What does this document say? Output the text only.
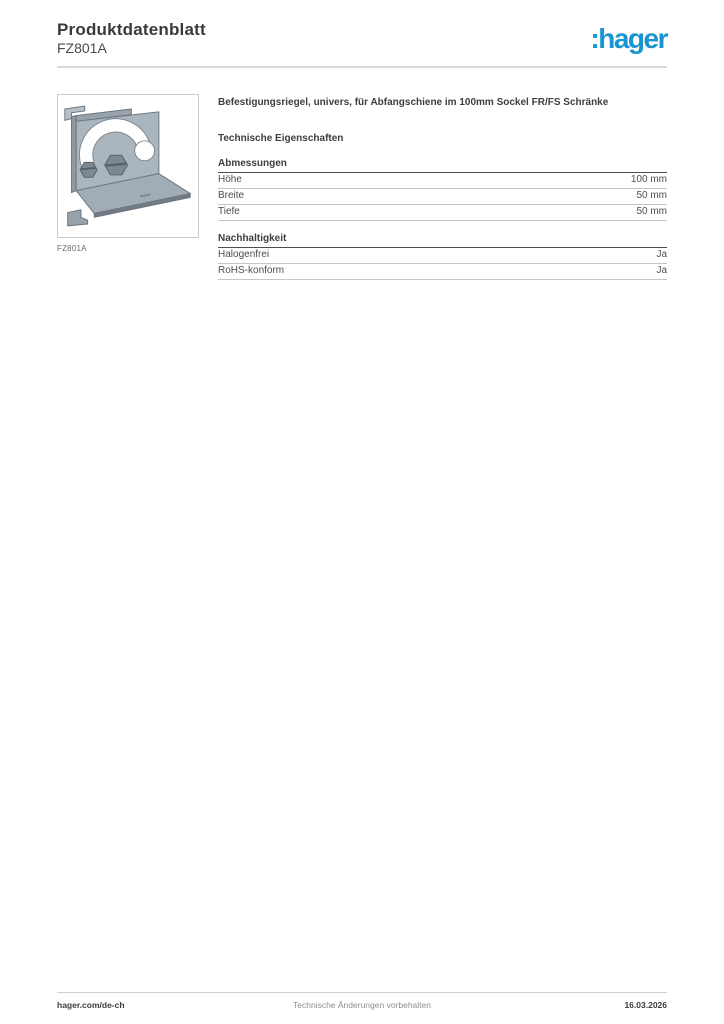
Produktdatenblatt
FZ801A	:hager
FZ801A

Befestigungsriegel, univers, für Abfangschiene im 100mm Sockel FR/FS Schränke

Technische Eigenschaften
Abmessungen
Höhe	100 mm
Breite	50 mm
Tiefe	50 mm
Nachhaltigkeit
Halogenfrei	Ja
RoHS-konform	Ja
hager.com/de-ch	Technische Änderungen vorbehalten	16.03.2026
